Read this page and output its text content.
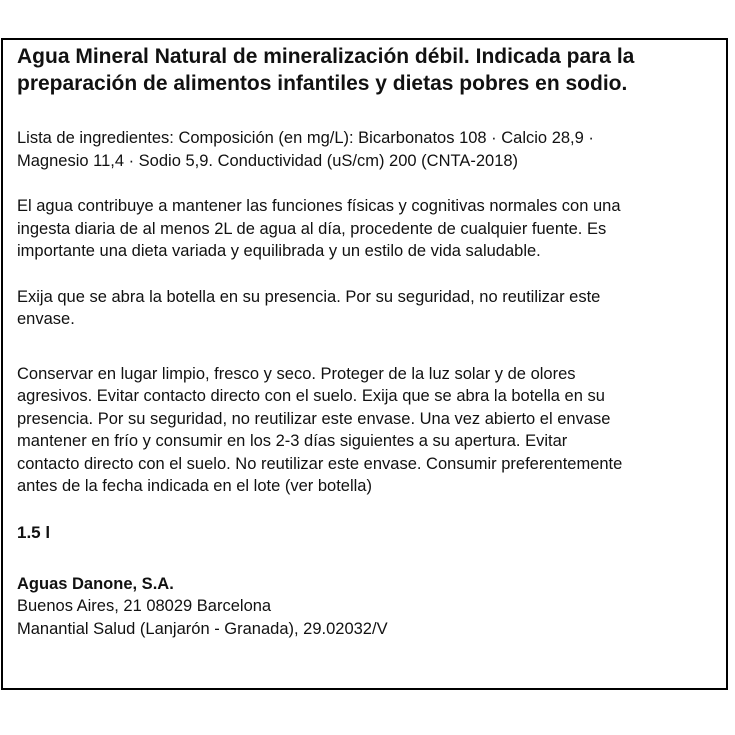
Agua Mineral Natural de mineralización débil. Indicada para la
preparación de alimentos infantiles y dietas pobres en sodio.
Lista de ingredientes: Composición (en mg/L): Bicarbonatos 108 · Calcio 28,9 ·
Magnesio 11,4 · Sodio 5,9. Conductividad (uS/cm) 200 (CNTA-2018)
El agua contribuye a mantener las funciones físicas y cognitivas normales con una
ingesta diaria de al menos 2L de agua al día, procedente de cualquier fuente. Es
importante una dieta variada y equilibrada y un estilo de vida saludable.
Exija que se abra la botella en su presencia. Por su seguridad, no reutilizar este
envase.
Conservar en lugar limpio, fresco y seco. Proteger de la luz solar y de olores
agresivos. Evitar contacto directo con el suelo. Exija que se abra la botella en su
presencia. Por su seguridad, no reutilizar este envase. Una vez abierto el envase
mantener en frío y consumir en los 2-3 días siguientes a su apertura. Evitar
contacto directo con el suelo. No reutilizar este envase. Consumir preferentemente
antes de la fecha indicada en el lote (ver botella)
1.5 l
Aguas Danone, S.A.
Buenos Aires, 21 08029 Barcelona
Manantial Salud (Lanjarón - Granada), 29.02032/V
